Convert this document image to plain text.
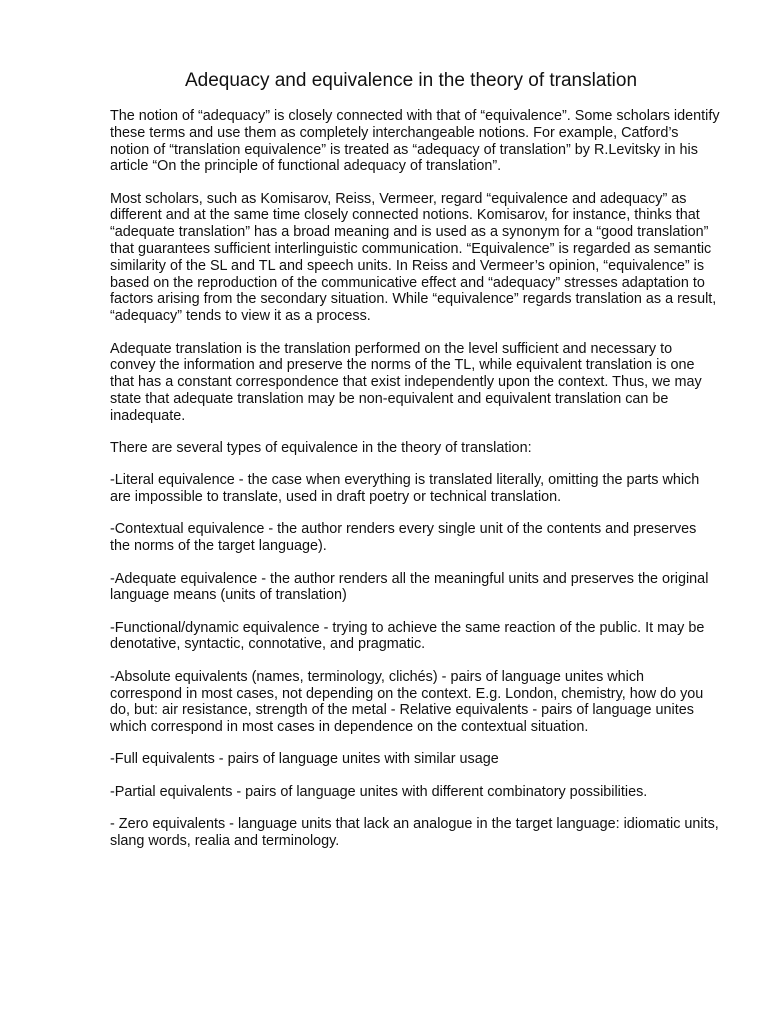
Adequacy and equivalence in the theory of translation

The notion of “adequacy” is closely connected with that of “equivalence”. Some scholars identify these terms and use them as completely interchangeable notions. For example, Catford’s notion of “translation equivalence” is treated as “adequacy of translation” by R.Levitsky in his article “On the principle of functional adequacy of translation”.

Most scholars, such as Komisarov, Reiss, Vermeer, regard “equivalence and adequacy” as different and at the same time closely connected notions. Komisarov, for instance, thinks that “adequate translation” has a broad meaning and is used as a synonym for a “good translation” that guarantees sufficient interlinguistic communication. “Equivalence” is regarded as semantic similarity of the SL and TL and speech units. In Reiss and Vermeer’s opinion, “equivalence” is based on the reproduction of the communicative effect and “adequacy” stresses adaptation to factors arising from the secondary situation. While “equivalence” regards translation as a result, “adequacy” tends to view it as a process.

Adequate translation is the translation performed on the level sufficient and necessary to convey the information and preserve the norms of the TL, while equivalent translation is one that has a constant correspondence that exist independently upon the context. Thus, we may state that adequate translation may be non-equivalent and equivalent translation can be inadequate.

There are several types of equivalence in the theory of translation:

-Literal equivalence - the case when everything is translated literally, omitting the parts which are impossible to translate, used in draft poetry or technical translation.

-Contextual equivalence - the author renders every single unit of the contents and preserves the norms of the target language).

-Adequate equivalence - the author renders all the meaningful units and preserves the original language means (units of translation)

-Functional/dynamic equivalence - trying to achieve the same reaction of the public. It may be denotative, syntactic, connotative, and pragmatic.

-Absolute equivalents (names, terminology, clichés) - pairs of language unites which correspond in most cases, not depending on the context. E.g. London, chemistry, how do you do, but: air resistance, strength of the metal - Relative equivalents - pairs of language unites which correspond in most cases in dependence on the contextual situation.

-Full equivalents - pairs of language unites with similar usage

-Partial equivalents - pairs of language unites with different combinatory possibilities.

- Zero equivalents - language units that lack an analogue in the target language: idiomatic units, slang words, realia and terminology.
